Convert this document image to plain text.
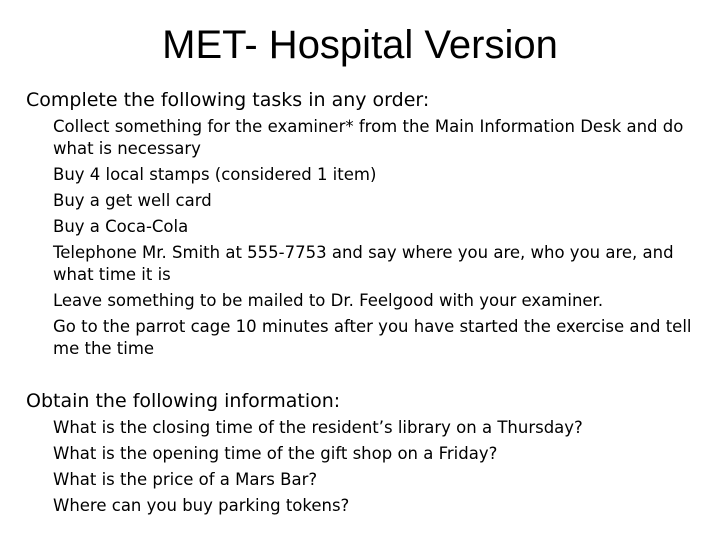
MET- Hospital Version
Complete the following tasks in any order:
Collect something for the examiner* from the Main Information Desk and do what is necessary
Buy 4 local stamps (considered 1 item)
Buy a get well card
Buy a Coca-Cola
Telephone Mr. Smith at 555-7753 and say where you are, who you are, and what time it is
Leave something to be mailed to Dr. Feelgood with your examiner.
Go to the parrot cage 10 minutes after you have started the exercise and tell me the time
Obtain the following information:
What is the closing time of the resident’s library on a Thursday?
What is the opening time of the gift shop on a Friday?
What is the price of a Mars Bar?
Where can you buy parking tokens?
